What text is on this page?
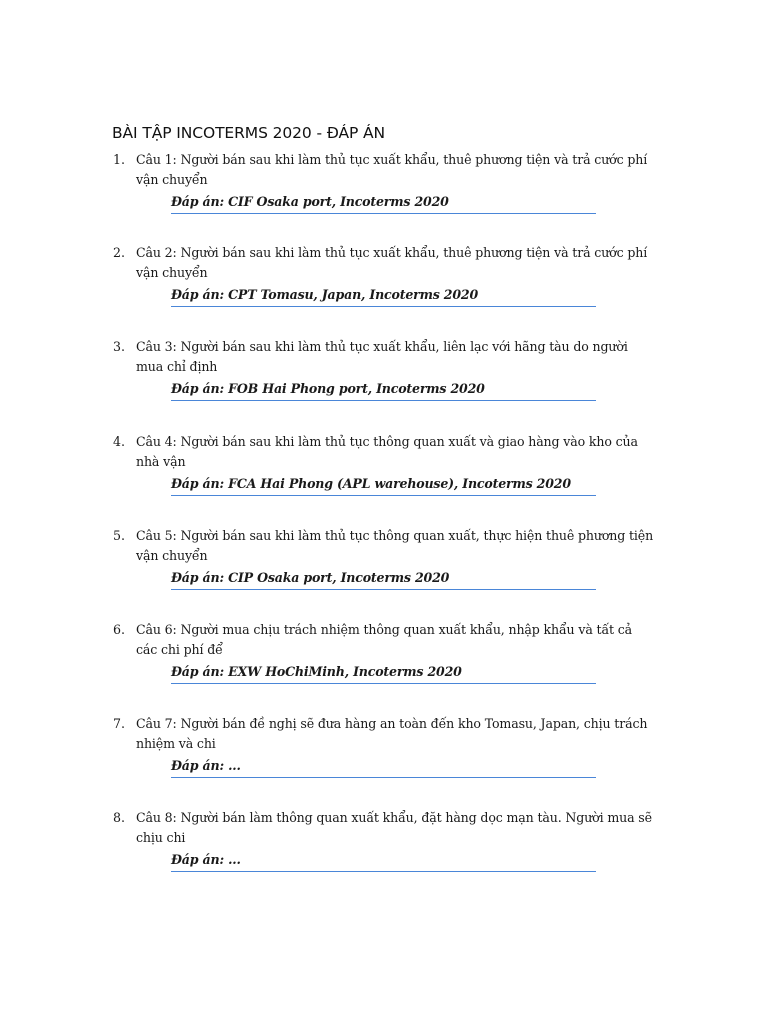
BÀI TẬP INCOTERMS 2020 - ĐÁP ÁN
1. Câu 1: Người bán sau khi làm thủ tục xuất khẩu, thuê phương tiện và trả cước phí vận chuyển
Đáp án: CIF Osaka port, Incoterms 2020
2. Câu 2: Người bán sau khi làm thủ tục xuất khẩu, thuê phương tiện và trả cước phí vận chuyển
Đáp án: CPT Tomasu, Japan, Incoterms 2020
3. Câu 3: Người bán sau khi làm thủ tục xuất khẩu, liên lạc với hãng tàu do người mua chỉ định
Đáp án: FOB Hai Phong port, Incoterms 2020
4. Câu 4: Người bán sau khi làm thủ tục thông quan xuất và giao hàng vào kho của nhà vận
Đáp án: FCA Hai Phong (APL warehouse), Incoterms 2020
5. Câu 5: Người bán sau khi làm thủ tục thông quan xuất, thực hiện thuê phương tiện vận chuyển
Đáp án: CIP Osaka port, Incoterms 2020
6. Câu 6: Người mua chịu trách nhiệm thông quan xuất khẩu, nhập khẩu và tất cả các chi phí để
Đáp án: EXW HoChiMinh, Incoterms 2020
7. Câu 7: Người bán đề nghị sẽ đưa hàng an toàn đến kho Tomasu, Japan, chịu trách nhiệm và chi
Đáp án: ...
8. Câu 8: Người bán làm thông quan xuất khẩu, đặt hàng dọc mạn tàu. Người mua sẽ chịu chi
Đáp án: ...
